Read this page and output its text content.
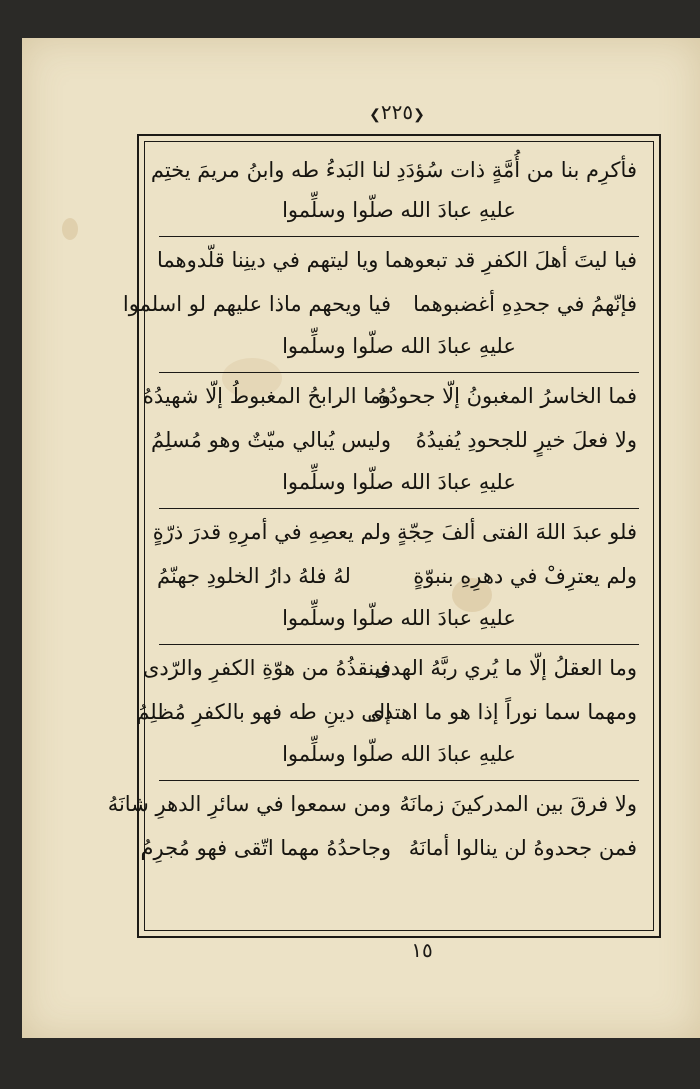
❮٢٢٥❯
فأكرِم بنا من أُمَّةٍ ذات سُؤدَدِ
لنا البَدءُ طه وابنُ مريمَ يختِم
عليهِ عبادَ الله صلّوا وسلِّموا
فيا ليتَ أهلَ الكفرِ قد تبعوهما
ويا ليتهم في دينِنا قلّدوهما
فإنّهمُ في جحدِهِ أغضبوهما
فيا ويحهم ماذا عليهم لو اسلموا
عليهِ عبادَ الله صلّوا وسلِّموا
فما الخاسرُ المغبونُ إلّا جحودُهُ
وما الرابحُ المغبوطُ إلّا شهيدُهُ
ولا فعلَ خيرٍ للجحودِ يُفيدُهُ
وليس يُبالي ميّتٌ وهو مُسلِمُ
عليهِ عبادَ الله صلّوا وسلِّموا
فلو عبدَ اللهَ الفتى ألفَ حِجّةٍ
ولم يعصِهِ في أمرِهِ قدرَ ذرّةٍ
ولم يعترِفْ في دهرِهِ بنبوّةٍ
لهُ فلهُ دارُ الخلودِ جهنّمُ
عليهِ عبادَ الله صلّوا وسلِّموا
وما العقلُ إلّا ما يُري ربَّهُ الهدى
فينقذُهُ من هوّةِ الكفرِ والرّدى
ومهما سما نوراً إذا هو ما اهتدى
إلى دينِ طه فهو بالكفرِ مُظلِمُ
عليهِ عبادَ الله صلّوا وسلِّموا
ولا فرقَ بين المدركينَ زمانَهُ
ومن سمعوا في سائرِ الدهرِ شانَهُ
فمن جحدوهُ لن ينالوا أمانَهُ
وجاحدُهُ مهما اتّقى فهو مُجرِمُ
١٥
